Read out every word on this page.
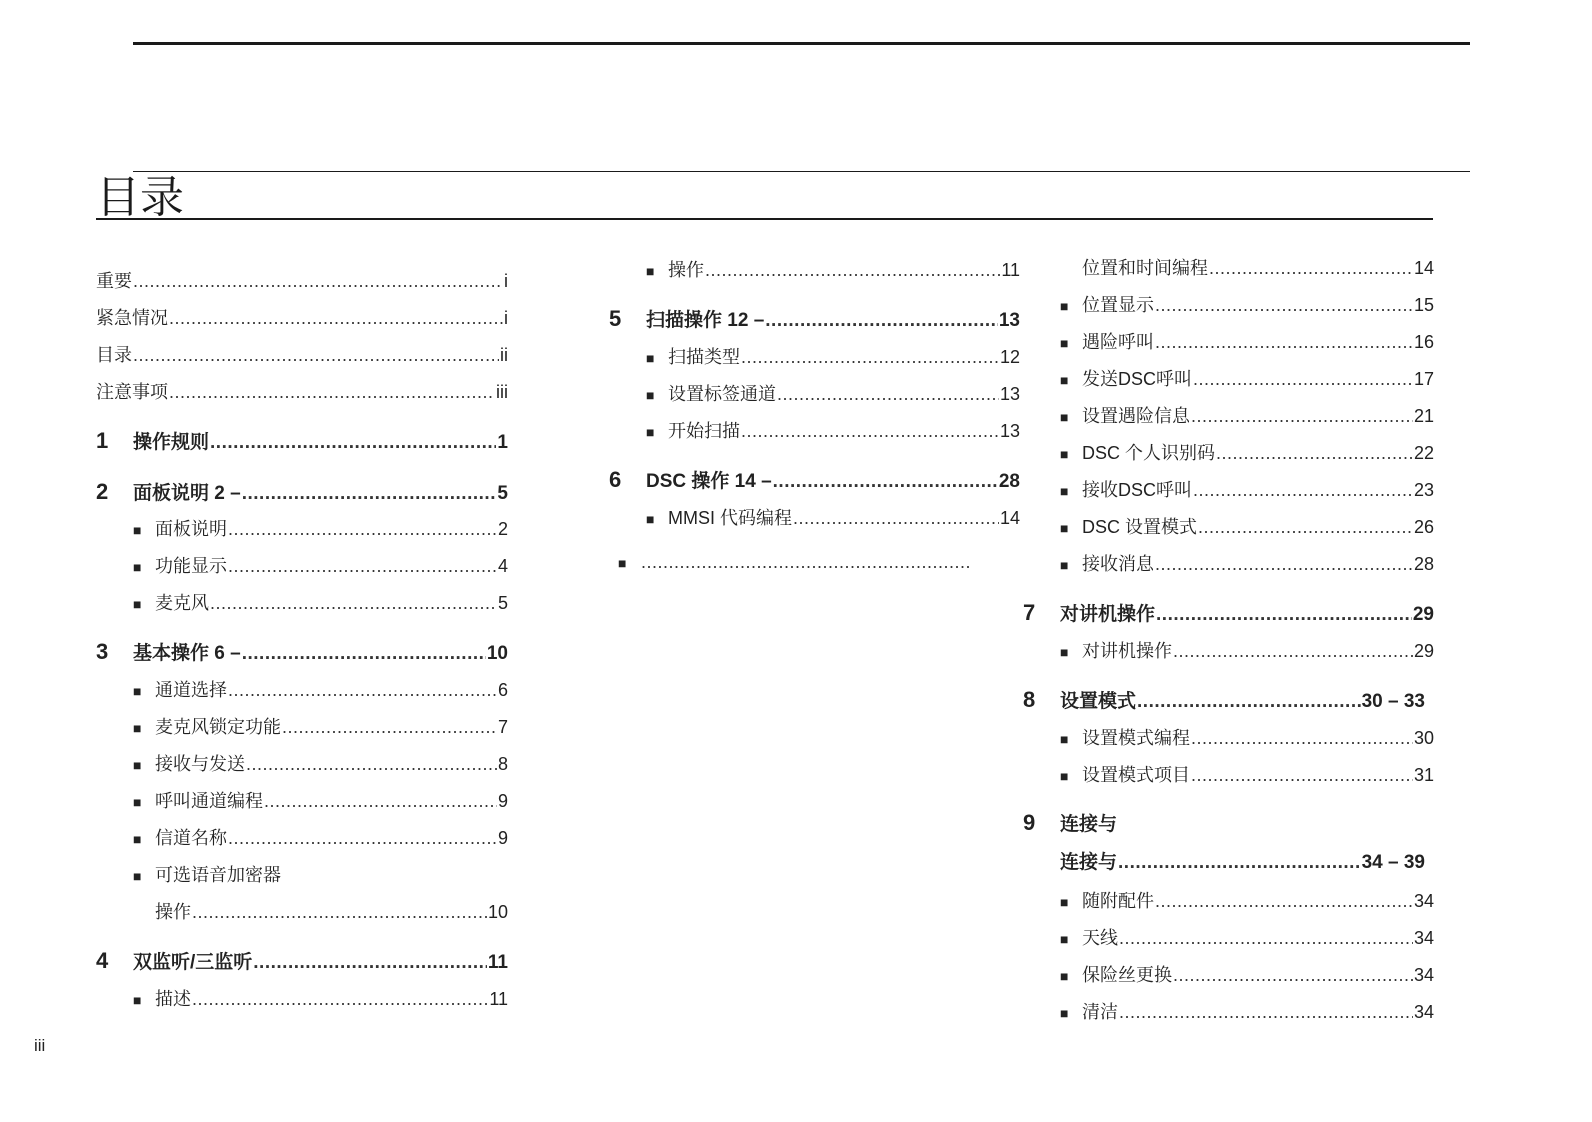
目录
重要 .....	i
紧急情况 .....	i
目录 .....	ii
注意事项 .....	iii
1	操作规则 .....	1
2	面板说明 2 – .....	5
■ 面板说明 .....	2
■ 功能显示 .....	4
■ 麦克风 .....	5
3	基本操作 6 – .....	10
■ 通道选择 .....	6
■ 麦克风锁定功能 .....	7
■ 接收与发送 .....	8
■ 呼叫通道编程 .....	9
■ 信道名称 .....	9
■ 可选语音加密器
操作 .....	10
4	双监听/三监听 .....	11
■ 描述 .....	11
■ 操作 .....	11
5	扫描操作 12 – .....	13
■ 扫描类型 .....	12
■ 设置标签通道 .....	13
■ 开始扫描 .....	13
6	DSC 操作 14 – .....	28
■ MMSI 代码编程 .....	14
■
.....
位置和时间编程 .....	14
■ 位置显示 .....	15
■ 遇险呼叫 .....	16
■ 发送DSC呼叫 .....	17
■ 设置遇险信息 .....	21
■ DSC 个人识别码 .....	22
■ 接收DSC呼叫 .....	23
■ DSC 设置模式 .....	26
■ 接收消息 .....	28
7	对讲机操作 .....	29
■ 对讲机操作 .....	29
8	设置模式 .....	30 – 33
■ 设置模式编程 .....	30
■ 设置模式项目 .....	31
9	连接与
连接与 .....	34 – 39
■ 随附配件 .....	34
■ 天线 .....	34
■ 保险丝更换 .....	34
■ 清洁 .....	34
iii
